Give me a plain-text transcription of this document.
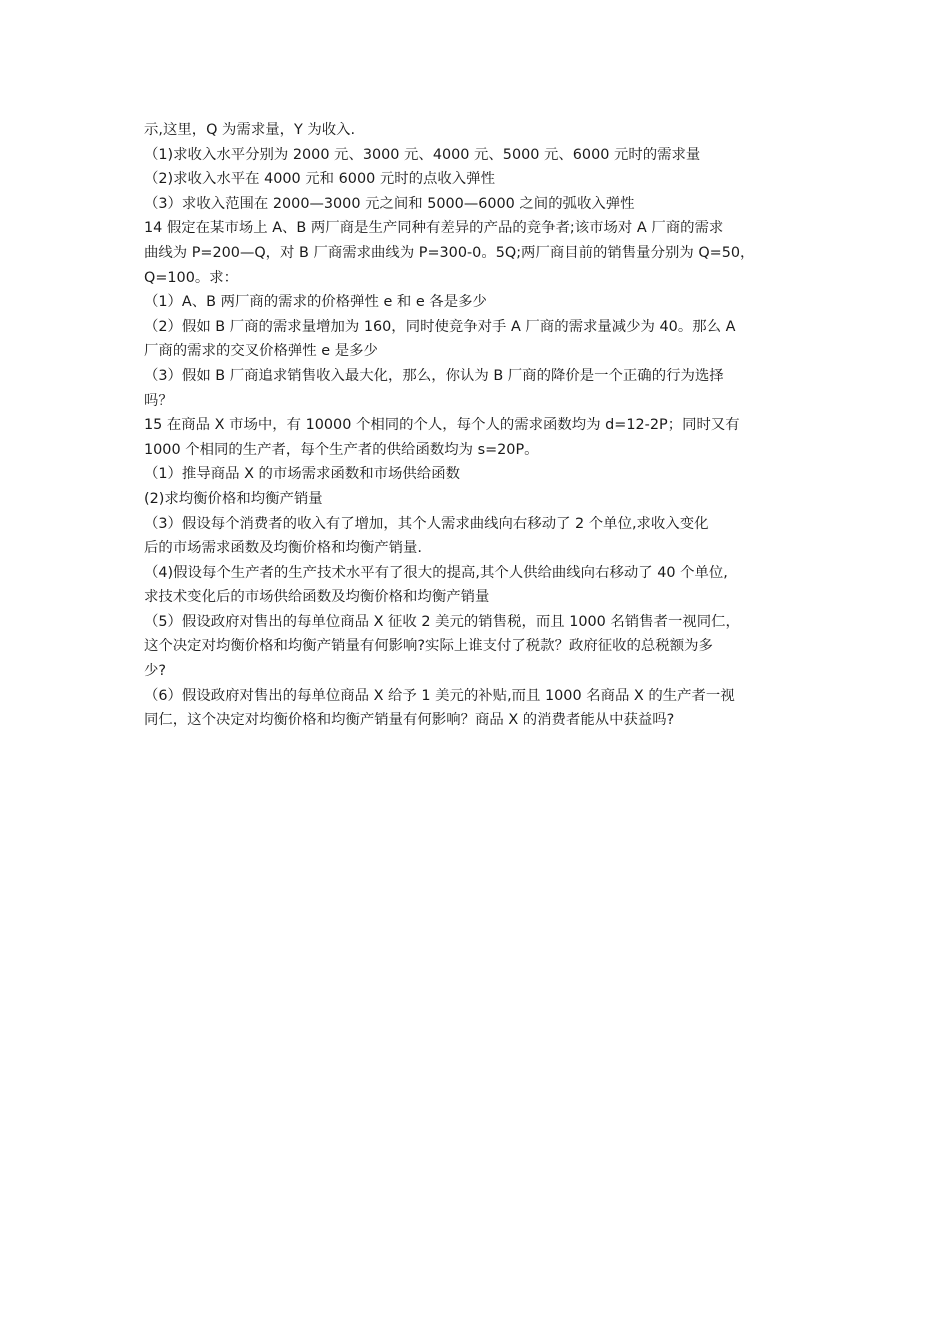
示,这里，Q 为需求量，Y 为收入.
（1)求收入水平分别为 2000 元、3000 元、4000 元、5000 元、6000 元时的需求量
（2)求收入水平在 4000 元和 6000 元时的点收入弹性
（3）求收入范围在 2000—3000 元之间和 5000—6000 之间的弧收入弹性
14 假定在某市场上 A、B 两厂商是生产同种有差异的产品的竞争者;该市场对 A 厂商的需求
曲线为 P=200—Q，对 B 厂商需求曲线为 P=300-0。5Q;两厂商目前的销售量分别为 Q=50，
Q=100。求：
（1）A、B 两厂商的需求的价格弹性 e 和 e 各是多少
（2）假如 B 厂商的需求量增加为 160，同时使竞争对手 A 厂商的需求量减少为 40。那么 A
厂商的需求的交叉价格弹性 e 是多少
（3）假如 B 厂商追求销售收入最大化，那么，你认为 B 厂商的降价是一个正确的行为选择
吗？
15 在商品 X 市场中，有 10000 个相同的个人，每个人的需求函数均为 d=12-2P；同时又有
1000 个相同的生产者，每个生产者的供给函数均为 s=20P。
（1）推导商品 X 的市场需求函数和市场供给函数
(2)求均衡价格和均衡产销量
（3）假设每个消费者的收入有了增加，其个人需求曲线向右移动了 2 个单位,求收入变化
后的市场需求函数及均衡价格和均衡产销量.
（4)假设每个生产者的生产技术水平有了很大的提高,其个人供给曲线向右移动了 40 个单位,
求技术变化后的市场供给函数及均衡价格和均衡产销量
（5）假设政府对售出的每单位商品 X 征收 2 美元的销售税，而且 1000 名销售者一视同仁，
这个决定对均衡价格和均衡产销量有何影响?实际上谁支付了税款？政府征收的总税额为多
少?
（6）假设政府对售出的每单位商品 X 给予 1 美元的补贴,而且 1000 名商品 X 的生产者一视
同仁，这个决定对均衡价格和均衡产销量有何影响？商品 X 的消费者能从中获益吗?
